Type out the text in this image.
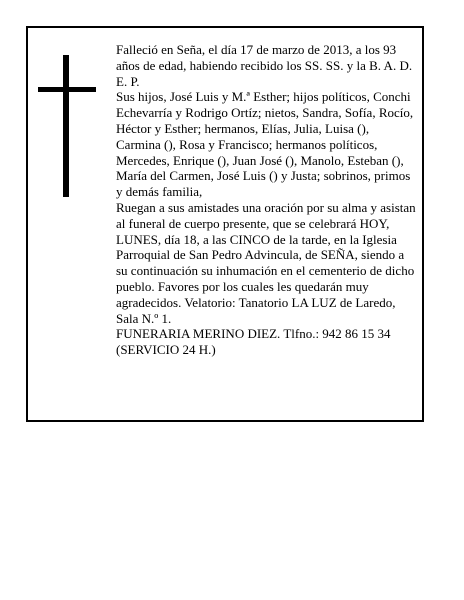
Falleció en Seña, el día 17 de marzo de 2013, a los 93 años de edad, habiendo recibido los SS. SS. y la B. A. D. E. P.

Sus hijos, José Luis y M.ª Esther; hijos políticos, Conchi Echevarría y Rodrigo Ortíz; nietos, Sandra, Sofía, Rocío, Héctor y Esther; hermanos, Elías, Julia, Luisa (), Carmina (), Rosa y Francisco; hermanos políticos, Mercedes, Enrique (), Juan José (), Manolo, Esteban (), María del Carmen, José Luis () y Justa; sobrinos, primos y demás familia,

Ruegan a sus amistades una oración por su alma y asistan al funeral de cuerpo presente, que se celebrará HOY, LUNES, día 18, a las CINCO de la tarde, en la Iglesia Parroquial de San Pedro Advincula, de SEÑA, siendo a su continuación su inhumación en el cementerio de dicho pueblo. Favores por los cuales les quedarán muy agradecidos. Velatorio: Tanatorio LA LUZ de Laredo, Sala N.º 1.

FUNERARIA MERINO DIEZ. Tlfno.: 942 86 15 34 (SERVICIO 24 H.)
